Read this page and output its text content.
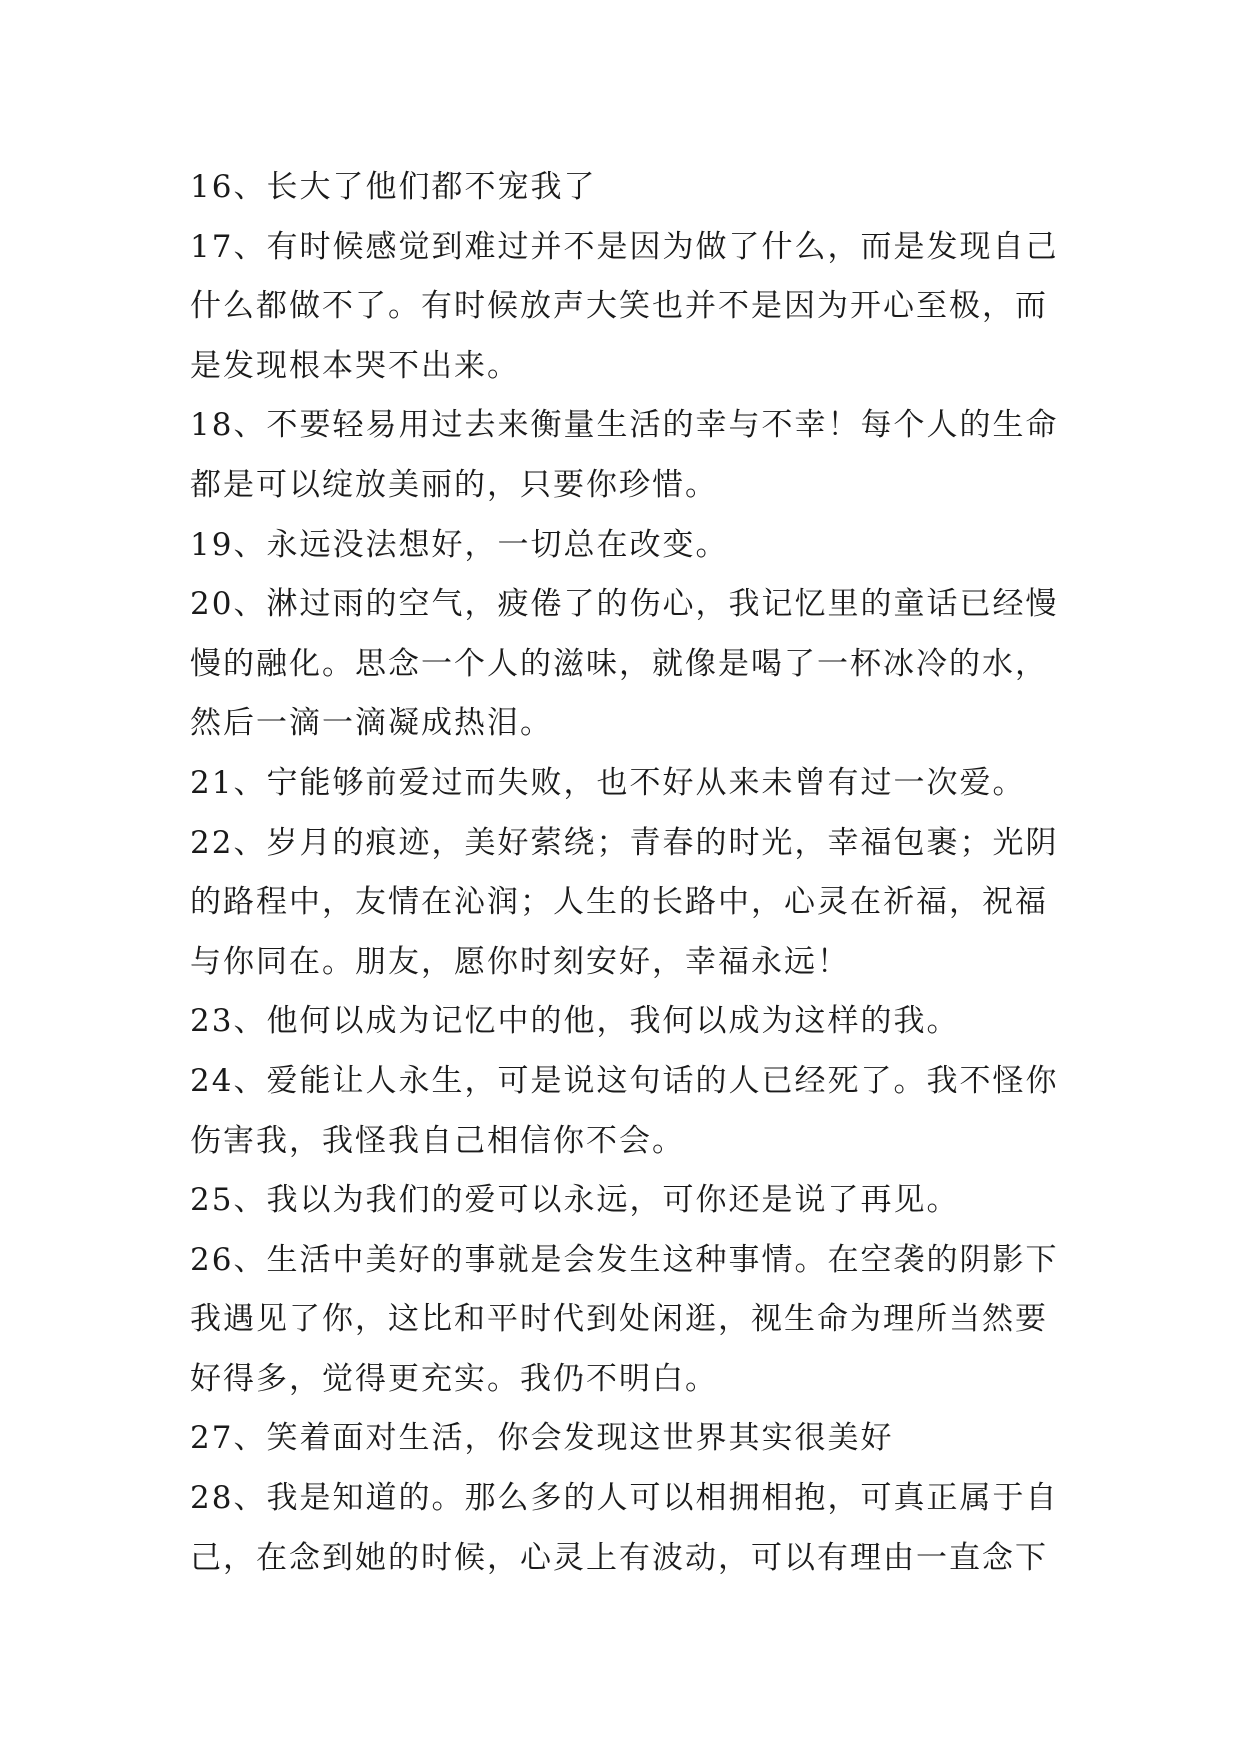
16、长大了他们都不宠我了
17、有时候感觉到难过并不是因为做了什么，而是发现自己
什么都做不了。有时候放声大笑也并不是因为开心至极，而
是发现根本哭不出来。
18、不要轻易用过去来衡量生活的幸与不幸！每个人的生命
都是可以绽放美丽的，只要你珍惜。
19、永远没法想好，一切总在改变。
20、淋过雨的空气，疲倦了的伤心，我记忆里的童话已经慢
慢的融化。思念一个人的滋味，就像是喝了一杯冰冷的水，
然后一滴一滴凝成热泪。
21、宁能够前爱过而失败，也不好从来未曾有过一次爱。
22、岁月的痕迹，美好萦绕；青春的时光，幸福包裹；光阴
的路程中，友情在沁润；人生的长路中，心灵在祈福，祝福
与你同在。朋友，愿你时刻安好，幸福永远！
23、他何以成为记忆中的他，我何以成为这样的我。
24、爱能让人永生，可是说这句话的人已经死了。我不怪你
伤害我，我怪我自己相信你不会。
25、我以为我们的爱可以永远，可你还是说了再见。
26、生活中美好的事就是会发生这种事情。在空袭的阴影下
我遇见了你，这比和平时代到处闲逛，视生命为理所当然要
好得多，觉得更充实。我仍不明白。
27、笑着面对生活，你会发现这世界其实很美好
28、我是知道的。那么多的人可以相拥相抱，可真正属于自
己，在念到她的时候，心灵上有波动，可以有理由一直念下
